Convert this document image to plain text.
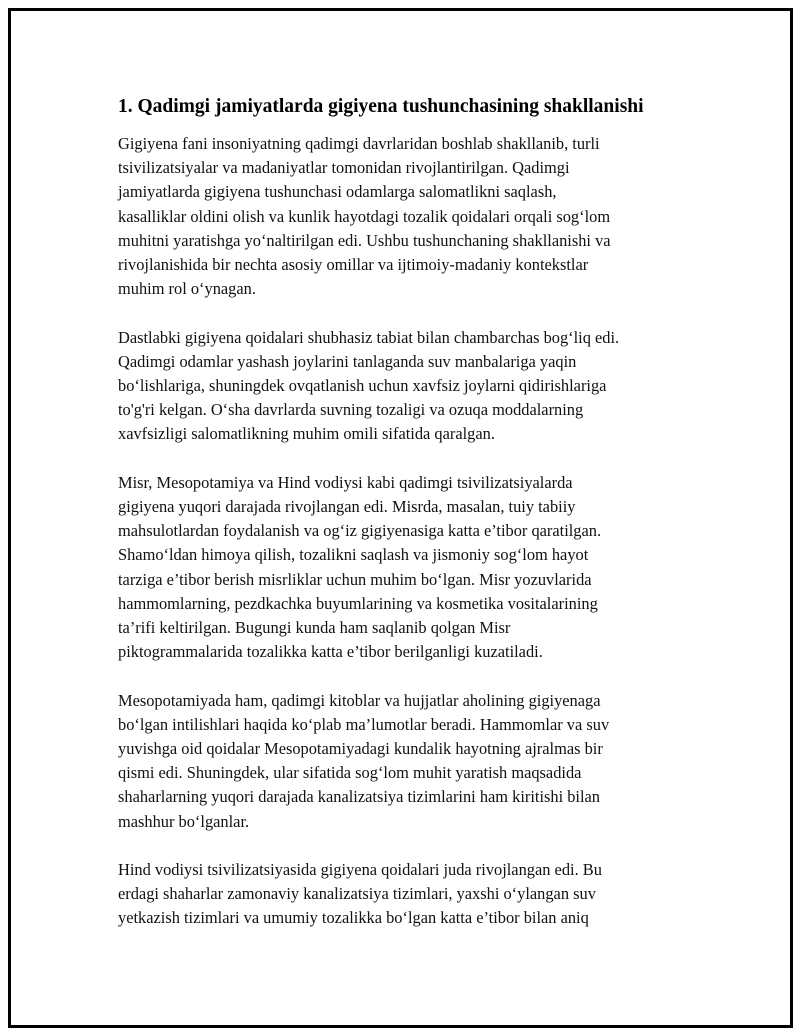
1. Qadimgi jamiyatlarda gigiyena tushunchasining shakllanishi

Gigiyena fani insoniyatning qadimgi davrlaridan boshlab shakllanib, turli
tsivilizatsiyalar va madaniyatlar tomonidan rivojlantirilgan. Qadimgi
jamiyatlarda gigiyena tushunchasi odamlarga salomatlikni saqlash,
kasalliklar oldini olish va kunlik hayotdagi tozalik qoidalari orqali sog‘lom
muhitni yaratishga yo‘naltirilgan edi. Ushbu tushunchaning shakllanishi va
rivojlanishida bir nechta asosiy omillar va ijtimoiy-madaniy kontekstlar
muhim rol o‘ynagan.

Dastlabki gigiyena qoidalari shubhasiz tabiat bilan chambarchas bog‘liq edi.
Qadimgi odamlar yashash joylarini tanlaganda suv manbalariga yaqin
bo‘lishlariga, shuningdek ovqatlanish uchun xavfsiz joylarni qidirishlariga
to'g'ri kelgan. O‘sha davrlarda suvning tozaligi va ozuqa moddalarning
xavfsizligi salomatlikning muhim omili sifatida qaralgan.

Misr, Mesopotamiya va Hind vodiysi kabi qadimgi tsivilizatsiyalarda
gigiyena yuqori darajada rivojlangan edi. Misrda, masalan, tuiy tabiiy
mahsulotlardan foydalanish va og‘iz gigiyenasiga katta e’tibor qaratilgan.
Shamo‘ldan himoya qilish, tozalikni saqlash va jismoniy sog‘lom hayot
tarziga e’tibor berish misrliklar uchun muhim bo‘lgan. Misr yozuvlarida
hammomlarning, pezdkachka buyumlarining va kosmetika vositalarining
ta’rifi keltirilgan. Bugungi kunda ham saqlanib qolgan Misr
piktogrammalarida tozalikka katta e’tibor berilganligi kuzatiladi.

Mesopotamiyada ham, qadimgi kitoblar va hujjatlar aholining gigiyenaga
bo‘lgan intilishlari haqida ko‘plab ma’lumotlar beradi. Hammomlar va suv
yuvishga oid qoidalar Mesopotamiyadagi kundalik hayotning ajralmas bir
qismi edi. Shuningdek, ular sifatida sog‘lom muhit yaratish maqsadida
shaharlarning yuqori darajada kanalizatsiya tizimlarini ham kiritishi bilan
mashhur bo‘lganlar.

Hind vodiysi tsivilizatsiyasida gigiyena qoidalari juda rivojlangan edi. Bu
erdagi shaharlar zamonaviy kanalizatsiya tizimlari, yaxshi o‘ylangan suv
yetkazish tizimlari va umumiy tozalikka bo‘lgan katta e’tibor bilan aniq
